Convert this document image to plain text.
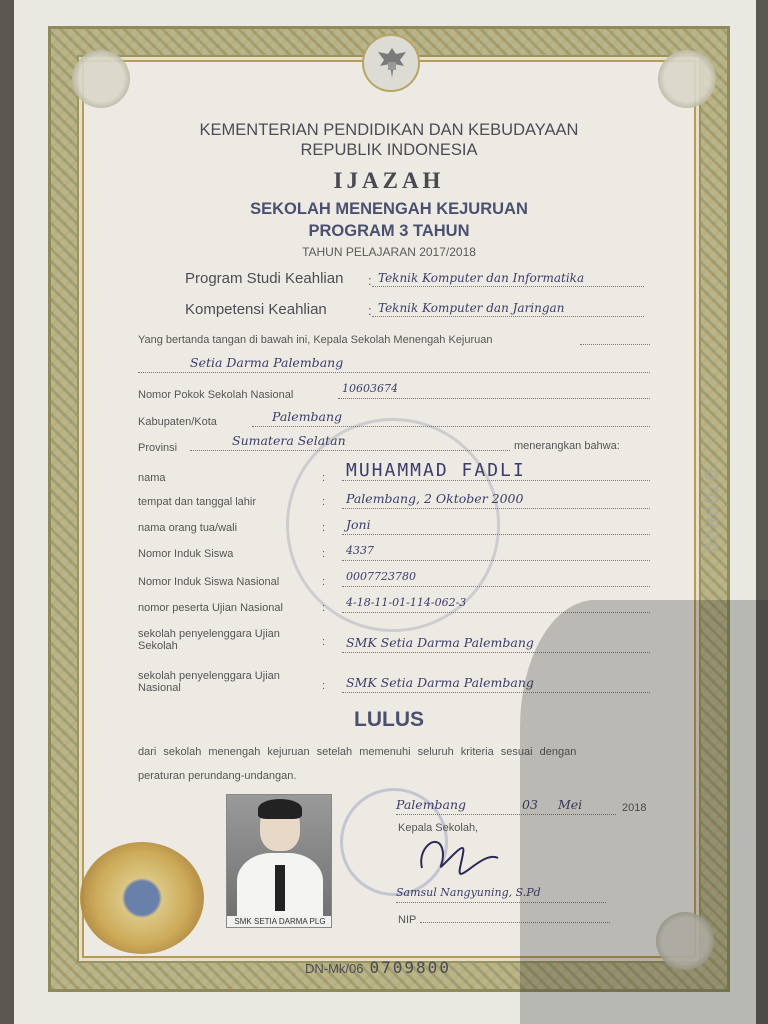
KEMENTERIAN PENDIDIKAN DAN KEBUDAYAAN
REPUBLIK INDONESIA
IJAZAH
SEKOLAH MENENGAH KEJURUAN
PROGRAM 3 TAHUN
TAHUN PELAJARAN 2017/2018
Program Studi Keahlian	: Teknik Komputer dan Informatika
Kompetensi Keahlian	: Teknik Komputer dan Jaringan
Yang bertanda tangan di bawah ini, Kepala Sekolah Menengah Kejuruan
Setia Darma Palembang
Nomor Pokok Sekolah Nasional	10603674
Kabupaten/Kota	Palembang
Provinsi	Sumatera Selatan	menerangkan bahwa:
nama	: MUHAMMAD FADLI
tempat dan tanggal lahir	:	Palembang, 2 Oktober 2000
nama orang tua/wali	:	Joni
Nomor Induk Siswa	:	4337
Nomor Induk Siswa Nasional	:	0007723780
nomor peserta Ujian Nasional	:	4-18-11-01-114-062-3
sekolah penyelenggara Ujian Sekolah	:	SMK Setia Darma Palembang
sekolah penyelenggara Ujian Nasional	:	SMK Setia Darma Palembang
LULUS
dari sekolah menengah kejuruan setelah memenuhi seluruh kriteria sesuai dengan
peraturan perundang-undangan.
SMK SETIA DARMA PLG
Palembang	03 Mei	2018
Kepala Sekolah,
Samsul Nangyuning, S.Pd
NIP
DN-Mk/06 0709800
0709800
